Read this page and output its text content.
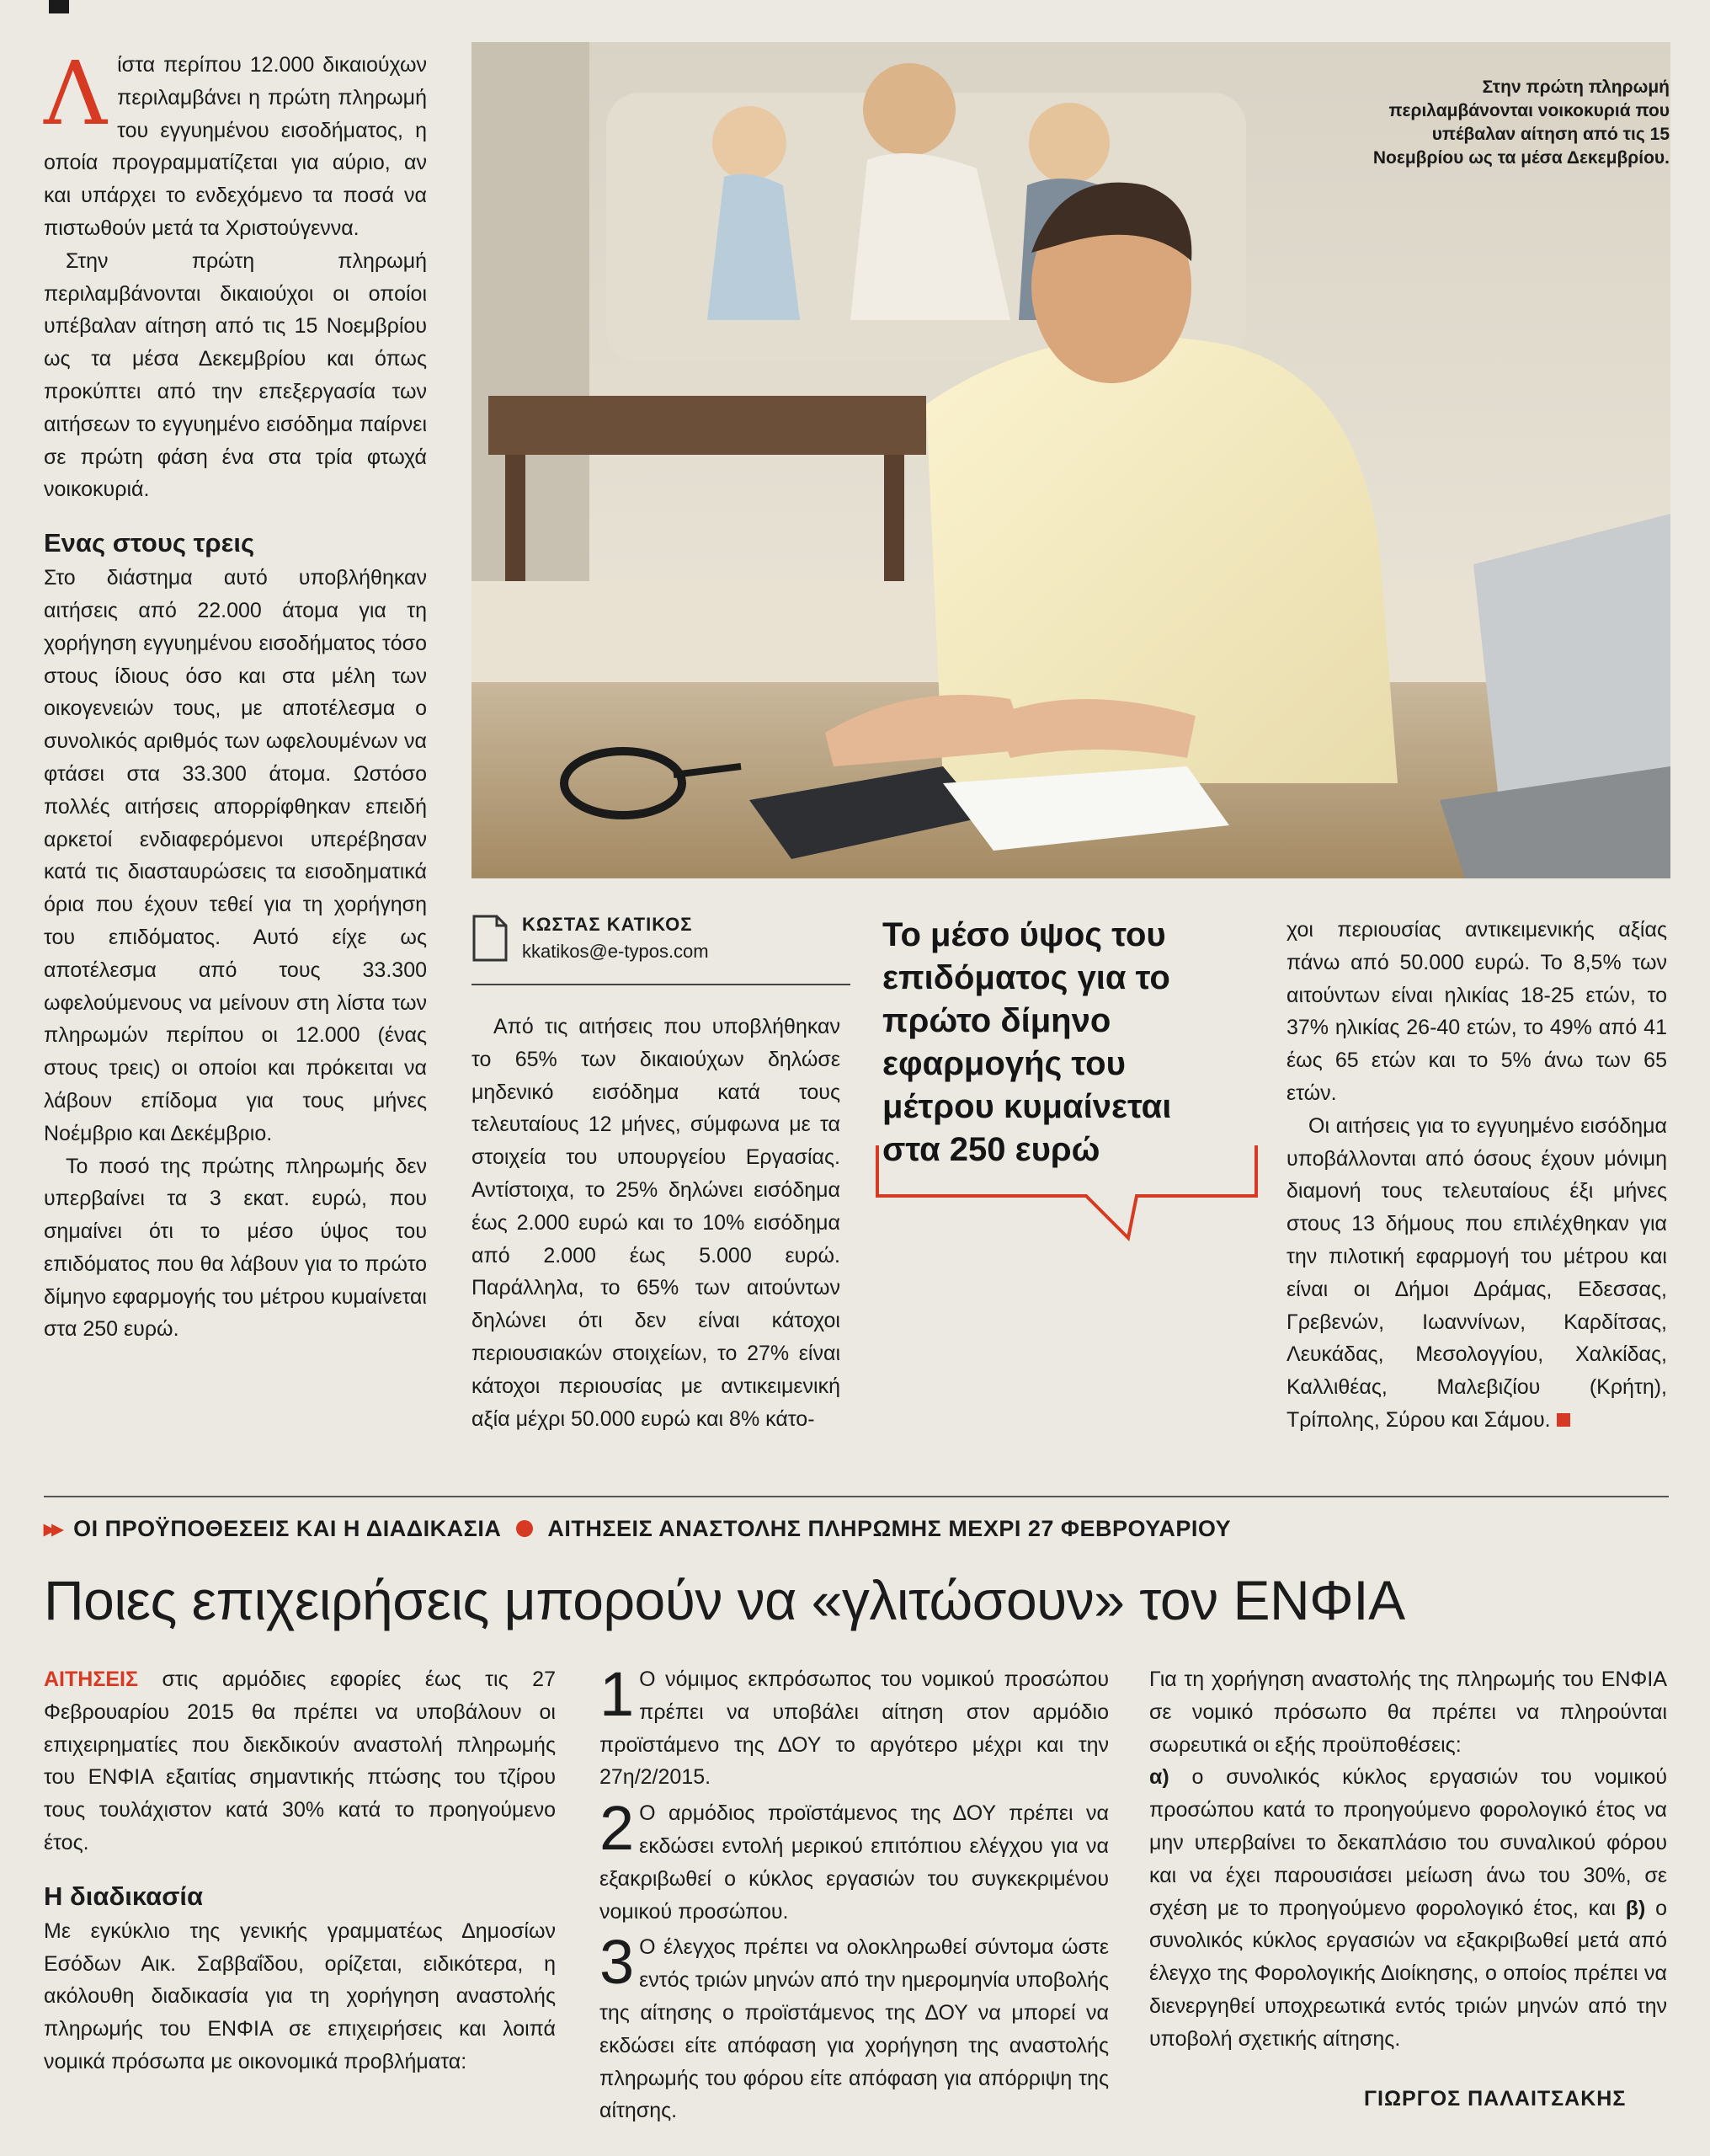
Λίστα περίπου 12.000 δικαιούχων περιλαμβάνει η πρώτη πληρωμή του εγγυημένου εισοδήματος, η οποία προγραμματίζεται για αύριο, αν και υπάρχει το ενδεχόμενο τα ποσά να πιστωθούν μετά τα Χριστούγεννα.

Στην πρώτη πληρωμή περιλαμβάνονται δικαιούχοι οι οποίοι υπέβαλαν αίτηση από τις 15 Νοεμβρίου ως τα μέσα Δεκεμβρίου και όπως προκύπτει από την επεξεργασία των αιτήσεων το εγγυημένο εισόδημα παίρνει σε πρώτη φάση ένα στα τρία φτωχά νοικοκυριά.

Ενας στους τρεις

Στο διάστημα αυτό υποβλήθηκαν αιτήσεις από 22.000 άτομα για τη χορήγηση εγγυημένου εισοδήματος τόσο στους ίδιους όσο και στα μέλη των οικογενειών τους, με αποτέλεσμα ο συνολικός αριθμός των ωφελουμένων να φτάσει στα 33.300 άτομα. Ωστόσο πολλές αιτήσεις απορρίφθηκαν επειδή αρκετοί ενδιαφερόμενοι υπερέβησαν κατά τις διασταυρώσεις τα εισοδηματικά όρια που έχουν τεθεί για τη χορήγηση του επιδόματος. Αυτό είχε ως αποτέλεσμα από τους 33.300 ωφελούμενους να μείνουν στη λίστα των πληρωμών περίπου οι 12.000 (ένας στους τρεις) οι οποίοι και πρόκειται να λάβουν επίδομα για τους μήνες Νοέμβριο και Δεκέμβριο.

Το ποσό της πρώτης πληρωμής δεν υπερβαίνει τα 3 εκατ. ευρώ, που σημαίνει ότι το μέσο ύψος του επιδόματος που θα λάβουν για το πρώτο δίμηνο εφαρμογής του μέτρου κυμαίνεται στα 250 ευρώ.

Στην πρώτη πληρωμή περιλαμβάνονται νοικοκυριά που υπέβαλαν αίτηση από τις 15 Νοεμβρίου ως τα μέσα Δεκεμβρίου.
ΚΩΣΤΑΣ ΚΑΤΙΚΟΣ
kkatikos@e-typos.com

Από τις αιτήσεις που υποβλήθηκαν το 65% των δικαιούχων δηλώσε μηδενικό εισόδημα κατά τους τελευταίους 12 μήνες, σύμφωνα με τα στοιχεία του υπουργείου Εργασίας. Αντίστοιχα, το 25% δηλώνει εισόδημα έως 2.000 ευρώ και το 10% εισόδημα από 2.000 έως 5.000 ευρώ. Παράλληλα, το 65% των αιτούντων δηλώνει ότι δεν είναι κάτοχοι περιουσιακών στοιχείων, το 27% είναι κάτοχοι περιουσίας με αντικειμενική αξία μέχρι 50.000 ευρώ και 8% κάτο-

Το μέσο ύψος του επιδόματος για το πρώτο δίμηνο εφαρμογής του μέτρου κυμαίνεται στα 250 ευρώ

χοι περιουσίας αντικειμενικής αξίας πάνω από 50.000 ευρώ. Το 8,5% των αιτούντων είναι ηλικίας 18-25 ετών, το 37% ηλικίας 26-40 ετών, το 49% από 41 έως 65 ετών και το 5% άνω των 65 ετών.

Οι αιτήσεις για το εγγυημένο εισόδημα υποβάλλονται από όσους έχουν μόνιμη διαμονή τους τελευταίους έξι μήνες στους 13 δήμους που επιλέχθηκαν για την πιλοτική εφαρμογή του μέτρου και είναι οι Δήμοι Δράμας, Εδεσσας, Γρεβενών, Ιωαννίνων, Καρδίτσας, Λευκάδας, Μεσολογγίου, Χαλκίδας, Καλλιθέας, Μαλεβιζίου (Κρήτη), Τρίπολης, Σύρου και Σάμου.

▸▸ ΟΙ ΠΡΟΫΠΟΘΕΣΕΙΣ ΚΑΙ Η ΔΙΑΔΙΚΑΣΙΑ ΑΙΤΗΣΕΙΣ ΑΝΑΣΤΟΛΗΣ ΠΛΗΡΩΜΗΣ ΜΕΧΡΙ 27 ΦΕΒΡΟΥΑΡΙΟΥ
Ποιες επιχειρήσεις μπορούν να «γλιτώσουν» τον ΕΝΦΙΑ

ΑΙΤΗΣΕΙΣ στις αρμόδιες εφορίες έως τις 27 Φεβρουαρίου 2015 θα πρέπει να υποβάλουν οι επιχειρηματίες που διεκδικούν αναστολή πληρωμής του ΕΝΦΙΑ εξαιτίας σημαντικής πτώσης του τζίρου τους τουλάχιστον κατά 30% κατά το προηγούμενο έτος.

Η διαδικασία

Με εγκύκλιο της γενικής γραμματέως Δημοσίων Εσόδων Αικ. Σαββαΐδου, ορίζεται, ειδικότερα, η ακόλουθη διαδικασία για τη χορήγηση αναστολής πληρωμής του ΕΝΦΙΑ σε επιχειρήσεις και λοιπά νομικά πρόσωπα με οικονομικά προβλήματα:

1 Ο νόμιμος εκπρόσωπος του νομικού προσώπου πρέπει να υποβάλει αίτηση στον αρμόδιο προϊστάμενο της ΔΟΥ το αργότερο μέχρι και την 27η/2/2015.

2 Ο αρμόδιος προϊστάμενος της ΔΟΥ πρέπει να εκδώσει εντολή μερικού επιτόπιου ελέγχου για να εξακριβωθεί ο κύκλος εργασιών του συγκεκριμένου νομικού προσώπου.

3 Ο έλεγχος πρέπει να ολοκληρωθεί σύντομα ώστε εντός τριών μηνών από την ημερομηνία υποβολής της αίτησης ο προϊστάμενος της ΔΟΥ να μπορεί να εκδώσει είτε απόφαση για χορήγηση της αναστολής πληρωμής του φόρου είτε απόφαση για απόρριψη της αίτησης.

Για τη χορήγηση αναστολής της πληρωμής του ΕΝΦΙΑ σε νομικό πρόσωπο θα πρέπει να πληρούνται σωρευτικά οι εξής προϋποθέσεις:

α) ο συνολικός κύκλος εργασιών του νομικού προσώπου κατά το προηγούμενο φορολογικό έτος να μην υπερβαίνει το δεκαπλάσιο του συναλικού φόρου και να έχει παρουσιάσει μείωση άνω του 30%, σε σχέση με το προηγούμενο φορολογικό έτος, και β) ο συνολικός κύκλος εργασιών να εξακριβωθεί μετά από έλεγχο της Φορολογικής Διοίκησης, ο οποίος πρέπει να διενεργηθεί υποχρεωτικά εντός τριών μηνών από την υποβολή σχετικής αίτησης.

ΓΙΩΡΓΟΣ ΠΑΛΑΙΤΣΑΚΗΣ
